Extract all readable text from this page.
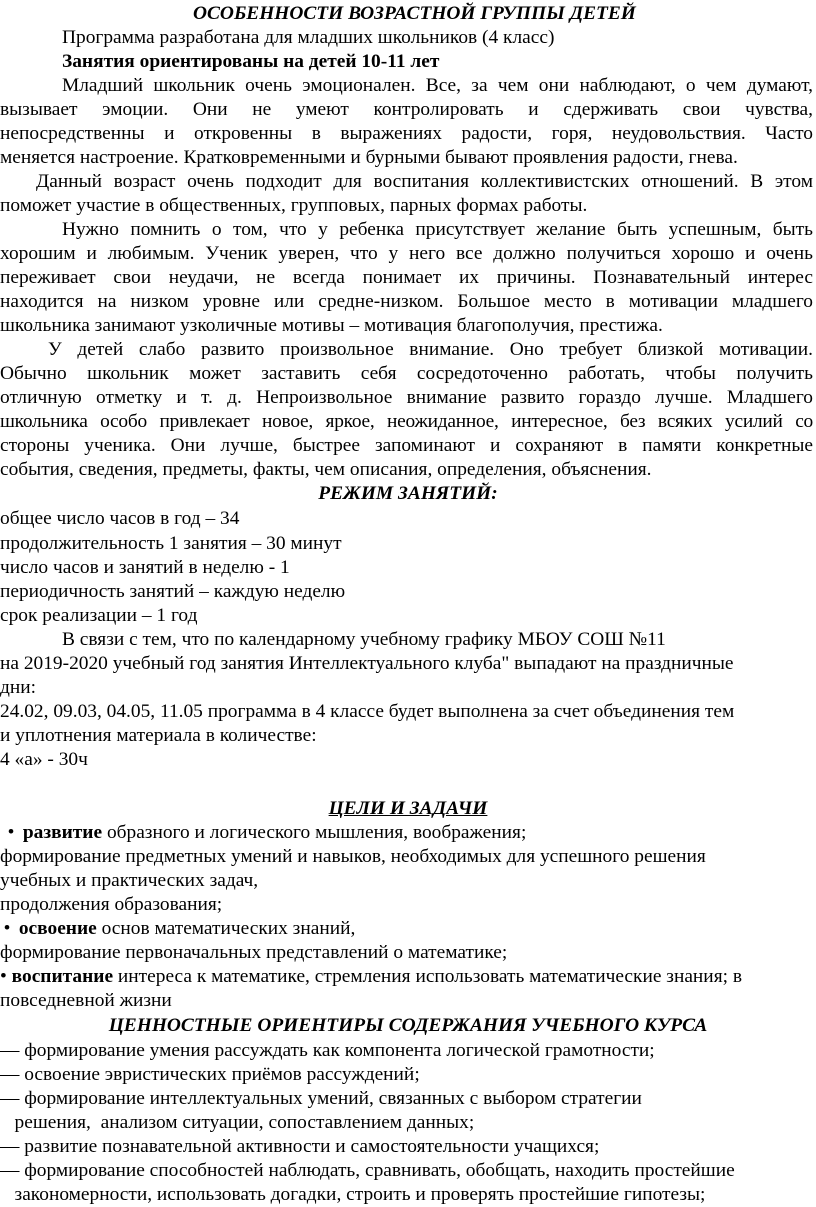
ОСОБЕННОСТИ ВОЗРАСТНОЙ ГРУППЫ ДЕТЕЙ
Программа разработана для младших школьников (4 класс)
Занятия ориентированы на детей 10-11 лет
Младший школьник очень эмоционален. Все, за чем они наблюдают, о чем думают,
вызывает эмоции. Они не умеют контролировать и сдерживать свои чувства,
непосредственны и откровенны в выражениях радости, горя, неудовольствия. Часто
меняется настроение. Кратковременными и бурными бывают проявления радости, гнева.
Данный возраст очень подходит для воспитания коллективистских отношений. В этом
поможет участие в общественных, групповых, парных формах работы.
Нужно помнить о том, что у ребенка присутствует желание быть успешным, быть
хорошим и любимым. Ученик уверен, что у него все должно получиться хорошо и очень
переживает свои неудачи, не всегда понимает их причины. Познавательный интерес
находится на низком уровне или средне-низком. Большое место в мотивации младшего
школьника занимают узколичные мотивы – мотивация благополучия, престижа.
У детей слабо развито произвольное внимание. Оно требует близкой мотивации.
Обычно школьник может заставить себя сосредоточенно работать, чтобы получить
отличную отметку и т. д. Непроизвольное внимание развито гораздо лучше. Младшего
школьника особо привлекает новое, яркое, неожиданное, интересное, без всяких усилий со
стороны ученика. Они лучше, быстрее запоминают и сохраняют в памяти конкретные
события, сведения, предметы, факты, чем описания, определения, объяснения.
РЕЖИМ ЗАНЯТИЙ:
общее число часов в год – 34
продолжительность 1 занятия – 30 минут
число часов и занятий в неделю - 1
периодичность занятий – каждую неделю
срок реализации – 1 год
В связи с тем, что по календарному учебному графику МБОУ СОШ №11
на 2019-2020 учебный год занятия Интеллектуального клуба" выпадают на праздничные
дни:
24.02, 09.03, 04.05, 11.05 программа в 4 классе будет выполнена за счет объединения тем
и уплотнения материала в количестве:
4 «а» - 30ч
ЦЕЛИ И ЗАДАЧИ
• развитие образного и логического мышления, воображения;
формирование предметных умений и навыков, необходимых для успешного решения
учебных и практических задач,
продолжения образования;
• освоение основ математических знаний,
формирование первоначальных представлений о математике;
• воспитание интереса к математике, стремления использовать математические знания; в
повседневной жизни
ЦЕННОСТНЫЕ ОРИЕНТИРЫ СОДЕРЖАНИЯ УЧЕБНОГО КУРСА
— формирование умения рассуждать как компонента логической грамотности;
— освоение эвристических приёмов рассуждений;
— формирование интеллектуальных умений, связанных с выбором стратегии
решения,  анализом ситуации, сопоставлением данных;
— развитие познавательной активности и самостоятельности учащихся;
— формирование способностей наблюдать, сравнивать, обобщать, находить простейшие
закономерности, использовать догадки, строить и проверять простейшие гипотезы;
